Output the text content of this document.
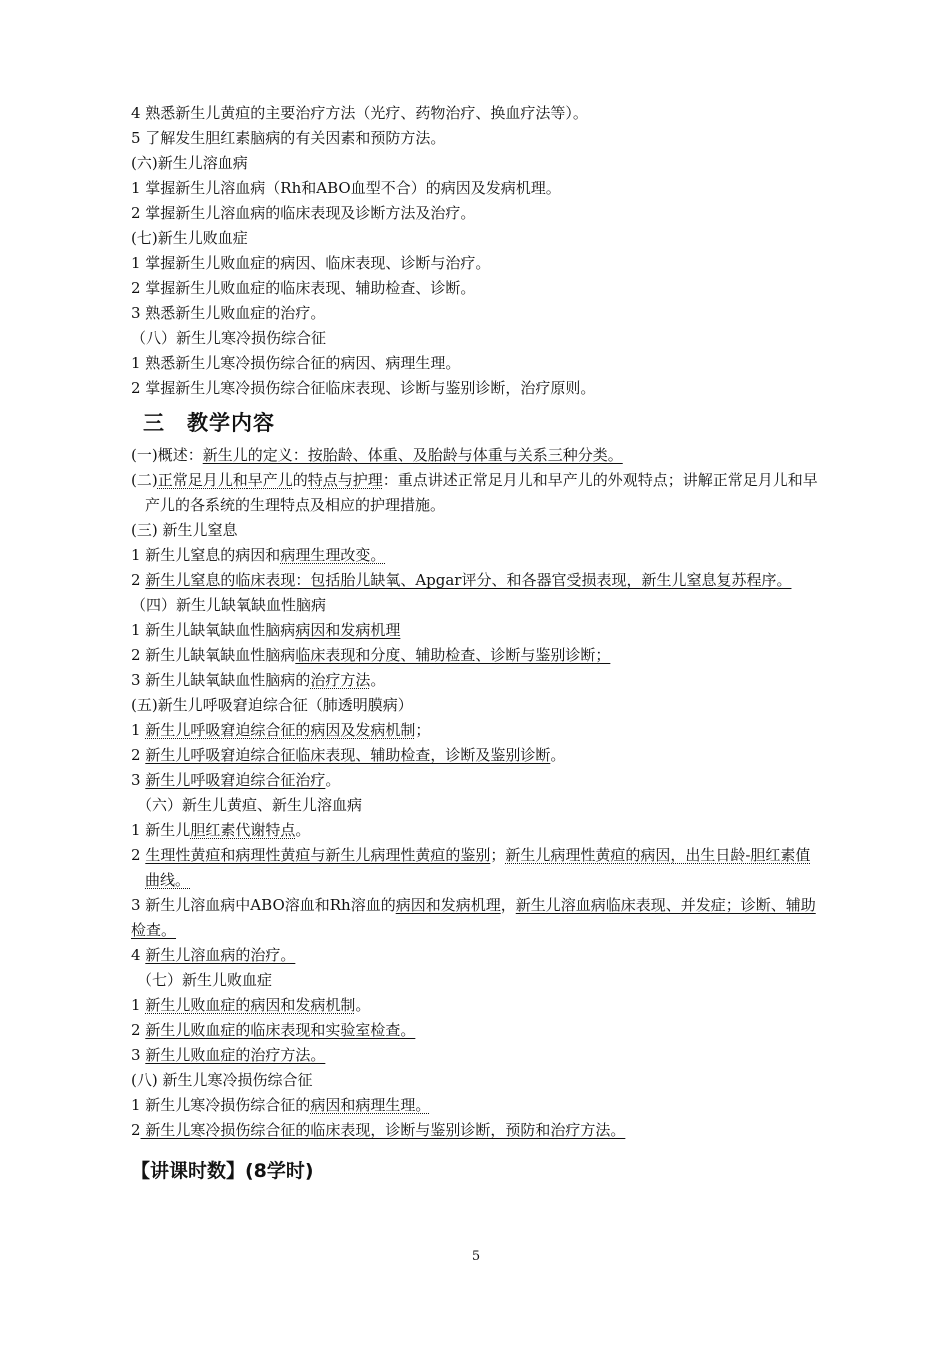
4 熟悉新生儿黄疸的主要治疗方法（光疗、药物治疗、换血疗法等）。

5 了解发生胆红素脑病的有关因素和预防方法。

(六)新生儿溶血病

1 掌握新生儿溶血病（Rh和ABO血型不合）的病因及发病机理。

2 掌握新生儿溶血病的临床表现及诊断方法及治疗。

(七)新生儿败血症

1 掌握新生儿败血症的病因、临床表现、诊断与治疗。

2 掌握新生儿败血症的临床表现、辅助检查、诊断。

3 熟悉新生儿败血症的治疗。

（八）新生儿寒冷损伤综合征

1 熟悉新生儿寒冷损伤综合征的病因、病理生理。

2 掌握新生儿寒冷损伤综合征临床表现、诊断与鉴别诊断，治疗原则。

三 教学内容

(一)概述：新生儿的定义：按胎龄、体重、及胎龄与体重与关系三种分类。

(二)正常足月儿和早产儿的特点与护理：重点讲述正常足月儿和早产儿的外观特点；讲解正常足月儿和早产儿的各系统的生理特点及相应的护理措施。

(三) 新生儿窒息

1 新生儿窒息的病因和病理生理改变。

2 新生儿窒息的临床表现：包括胎儿缺氧、Apgar评分、和各器官受损表现，新生儿窒息复苏程序。

（四）新生儿缺氧缺血性脑病

1 新生儿缺氧缺血性脑病病因和发病机理

2 新生儿缺氧缺血性脑病临床表现和分度、辅助检查、诊断与鉴别诊断；

3 新生儿缺氧缺血性脑病的治疗方法。

(五)新生儿呼吸窘迫综合征（肺透明膜病）

1 新生儿呼吸窘迫综合征的病因及发病机制；

2 新生儿呼吸窘迫综合征临床表现、辅助检查，诊断及鉴别诊断。

3 新生儿呼吸窘迫综合征治疗。

（六）新生儿黄疸、新生儿溶血病

1 新生儿胆红素代谢特点。

2 生理性黄疸和病理性黄疸与新生儿病理性黄疸的鉴别；新生儿病理性黄疸的病因，出生日龄-胆红素值曲线。

3 新生儿溶血病中ABO溶血和Rh溶血的病因和发病机理，新生儿溶血病临床表现、并发症；诊断、辅助检查。

4 新生儿溶血病的治疗。

（七）新生儿败血症

1 新生儿败血症的病因和发病机制。

2 新生儿败血症的临床表现和实验室检查。

3 新生儿败血症的治疗方法。

(八) 新生儿寒冷损伤综合征

1 新生儿寒冷损伤综合征的病因和病理生理。

2 新生儿寒冷损伤综合征的临床表现，诊断与鉴别诊断，预防和治疗方法。

【讲课时数】(8学时)
5
